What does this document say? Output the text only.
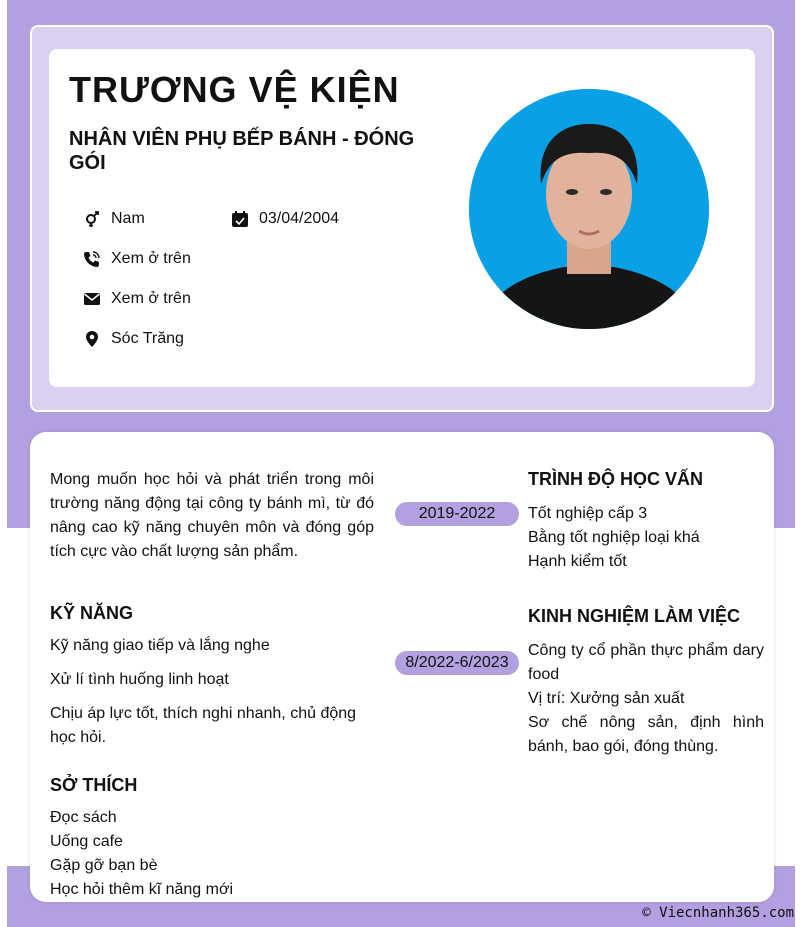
TRƯƠNG VỆ KIỆN
NHÂN VIÊN PHỤ BẾP BÁNH - ĐÓNG GÓI
Nam	03/04/2004
Xem ở trên
Xem ở trên
Sóc Trăng

Mong muốn học hỏi và phát triển trong môi trường năng động tại công ty bánh mì, từ đó nâng cao kỹ năng chuyên môn và đóng góp tích cực vào chất lượng sản phẩm.

KỸ NĂNG

Kỹ năng giao tiếp và lắng nghe

Xử lí tình huống linh hoạt

Chịu áp lực tốt, thích nghi nhanh, chủ động học hỏi.

SỞ THÍCH

Đọc sách

Uống cafe

Gặp gỡ bạn bè

Học hỏi thêm kĩ năng mới

TRÌNH ĐỘ HỌC VẤN
2019-2022	Tốt nghiệp cấp 3

Bằng tốt nghiệp loại khá

Hạnh kiểm tốt

KINH NGHIỆM LÀM VIỆC
8/2022-6/2023

Công ty cổ phần thực phẩm dary food

Vị trí: Xưởng sản xuất

Sơ chế nông sản, định hình bánh, bao gói, đóng thùng.

© Viecnhanh365.com
